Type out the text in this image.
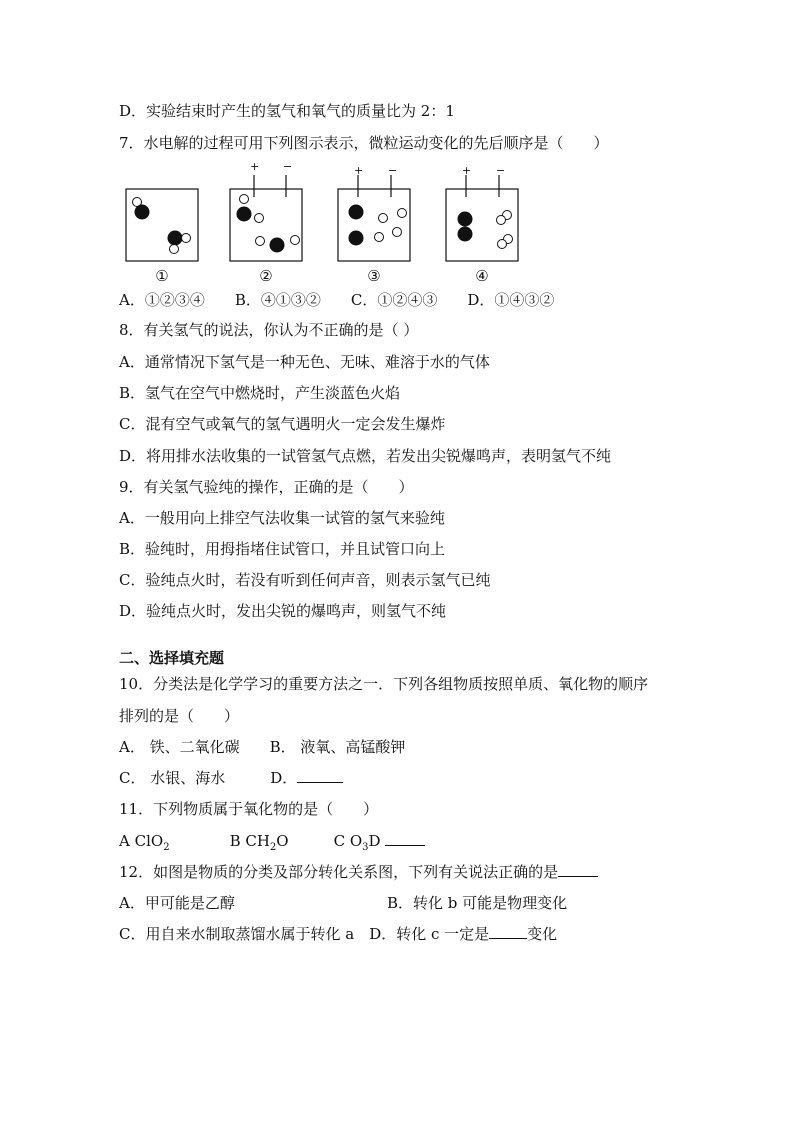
D．实验结束时产生的氢气和氧气的质量比为 2：1
7．水电解的过程可用下列图示表示，微粒运动变化的先后顺序是（　　）
+ −	+ −	+ −
①	②	③	④
A．①②③④　　B．④①③②　　C．①②④③　　D．①④③②
8．有关氢气的说法，你认为不正确的是（ ）
A．通常情况下氢气是一种无色、无味、难溶于水的气体
B．氢气在空气中燃烧时，产生淡蓝色火焰
C．混有空气或氧气的氢气遇明火一定会发生爆炸
D．将用排水法收集的一试管氢气点燃，若发出尖锐爆鸣声，表明氢气不纯
9．有关氢气验纯的操作，正确的是（　　）
A．一般用向上排空气法收集一试管的氢气来验纯
B．验纯时，用拇指堵住试管口，并且试管口向上
C．验纯点火时，若没有听到任何声音，则表示氢气已纯
D．验纯点火时，发出尖锐的爆鸣声，则氢气不纯
二、选择填充题
10．分类法是化学学习的重要方法之一．下列各组物质按照单质、氧化物的顺序
排列的是（　　）
A． 铁、二氧化碳　　B． 液氧、高锰酸钾
C． 水银、海水　　　D．
11．下列物质属于氧化物的是（　　）
A ClO$_2$　　　　B $CH_2O$　　　C $O_3D$
12．如图是物质的分类及部分转化关系图，下列有关说法正确的是
A．甲可能是乙醇	B．转化 b 可能是物理变化
C．用自来水制取蒸馏水属于转化 a　D．转化 c 一定是	变化
